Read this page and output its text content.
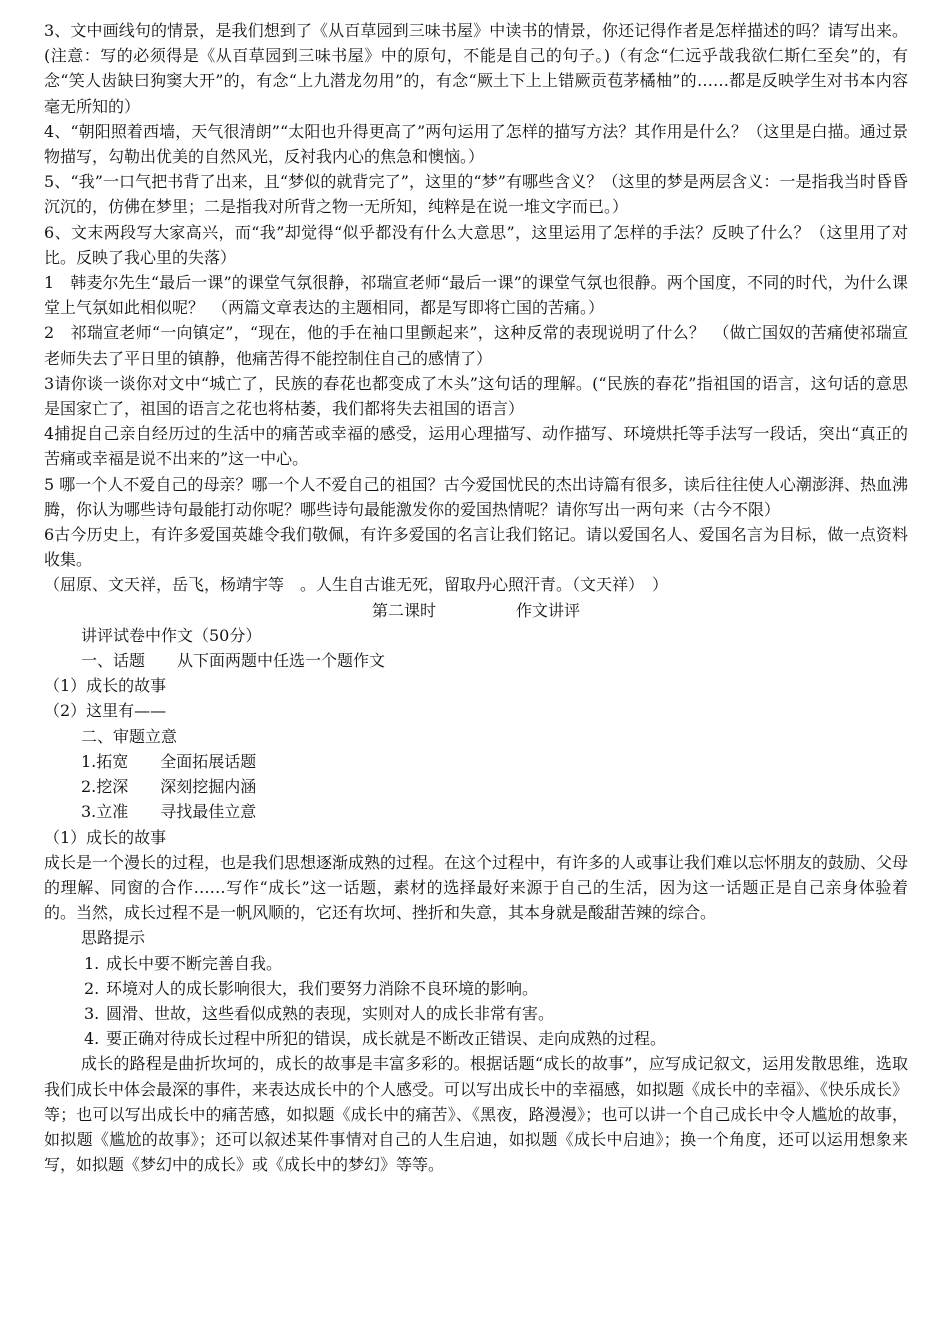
3、文中画线句的情景，是我们想到了《从百草园到三味书屋》中读书的情景，你还记得作者是怎样描述的吗？请写出来。(注意：写的必须得是《从百草园到三味书屋》中的原句，不能是自己的句子。)（有念“仁远乎哉我欲仁斯仁至矣”的，有念“笑人齿缺曰狗窦大开”的，有念“上九潜龙勿用”的，有念“厥土下上上错厥贡苞茅橘柚”的……都是反映学生对书本内容毫无所知的）

4、“朝阳照着西墙，天气很清朗”“太阳也升得更高了”两句运用了怎样的描写方法？其作用是什么？（这里是白描。通过景物描写，勾勒出优美的自然风光，反衬我内心的焦急和懊恼。）

5、“我”一口气把书背了出来，且“梦似的就背完了”，这里的“梦”有哪些含义？（这里的梦是两层含义：一是指我当时昏昏沉沉的，仿佛在梦里；二是指我对所背之物一无所知，纯粹是在说一堆文字而已。）

6、文末两段写大家高兴，而“我”却觉得“似乎都没有什么大意思”，这里运用了怎样的手法？反映了什么？（这里用了对比。反映了我心里的失落）

1　韩麦尔先生“最后一课”的课堂气氛很静，祁瑞宣老师“最后一课”的课堂气氛也很静。两个国度，不同的时代，为什么课堂上气氛如此相似呢？　（两篇文章表达的主题相同，都是写即将亡国的苦痛。）

2　祁瑞宣老师“一向镇定”，“现在，他的手在袖口里颤起来”，这种反常的表现说明了什么？　（做亡国奴的苦痛使祁瑞宣老师失去了平日里的镇静，他痛苦得不能控制住自己的感情了）

3请你谈一谈你对文中“城亡了，民族的春花也都变成了木头”这句话的理解。(“民族的春花”指祖国的语言，这句话的意思是国家亡了，祖国的语言之花也将枯萎，我们都将失去祖国的语言）

4捕捉自己亲自经历过的生活中的痛苦或幸福的感受，运用心理描写、动作描写、环境烘托等手法写一段话，突出“真正的苦痛或幸福是说不出来的”这一中心。

5 哪一个人不爱自己的母亲？哪一个人不爱自己的祖国？古今爱国忧民的杰出诗篇有很多，读后往往使人心潮澎湃、热血沸腾，你认为哪些诗句最能打动你呢？哪些诗句最能激发你的爱国热情呢？请你写出一两句来（古今不限）

6古今历史上，有许多爱国英雄令我们敬佩，有许多爱国的名言让我们铭记。请以爱国名人、爱国名言为目标，做一点资料收集。

（屈原、文天祥，岳飞，杨靖宇等　。人生自古谁无死，留取丹心照汗青。（文天祥）　）

第二课时	作文讲评

讲评试卷中作文（50分）

一、话题　　从下面两题中任选一个题作文

（1）成长的故事

（2）这里有——

二、审题立意

1.拓宽　　全面拓展话题

2.挖深　　深刻挖掘内涵

3.立准　　寻找最佳立意

（1）成长的故事

成长是一个漫长的过程，也是我们思想逐渐成熟的过程。在这个过程中，有许多的人或事让我们难以忘怀朋友的鼓励、父母的理解、同窗的合作……写作“成长”这一话题，素材的选择最好来源于自己的生活，因为这一话题正是自己亲身体验着的。当然，成长过程不是一帆风顺的，它还有坎坷、挫折和失意，其本身就是酸甜苦辣的综合。

思路提示

1. 成长中要不断完善自我。

2. 环境对人的成长影响很大，我们要努力消除不良环境的影响。

3. 圆滑、世故，这些看似成熟的表现，实则对人的成长非常有害。

4. 要正确对待成长过程中所犯的错误，成长就是不断改正错误、走向成熟的过程。

成长的路程是曲折坎坷的，成长的故事是丰富多彩的。根据话题“成长的故事”，应写成记叙文，运用发散思维，选取我们成长中体会最深的事件，来表达成长中的个人感受。可以写出成长中的幸福感，如拟题《成长中的幸福》、《快乐成长》等；也可以写出成长中的痛苦感，如拟题《成长中的痛苦》、《黑夜，路漫漫》；也可以讲一个自己成长中令人尴尬的故事，如拟题《尴尬的故事》；还可以叙述某件事情对自己的人生启迪，如拟题《成长中启迪》；换一个角度，还可以运用想象来写，如拟题《梦幻中的成长》或《成长中的梦幻》等等。
